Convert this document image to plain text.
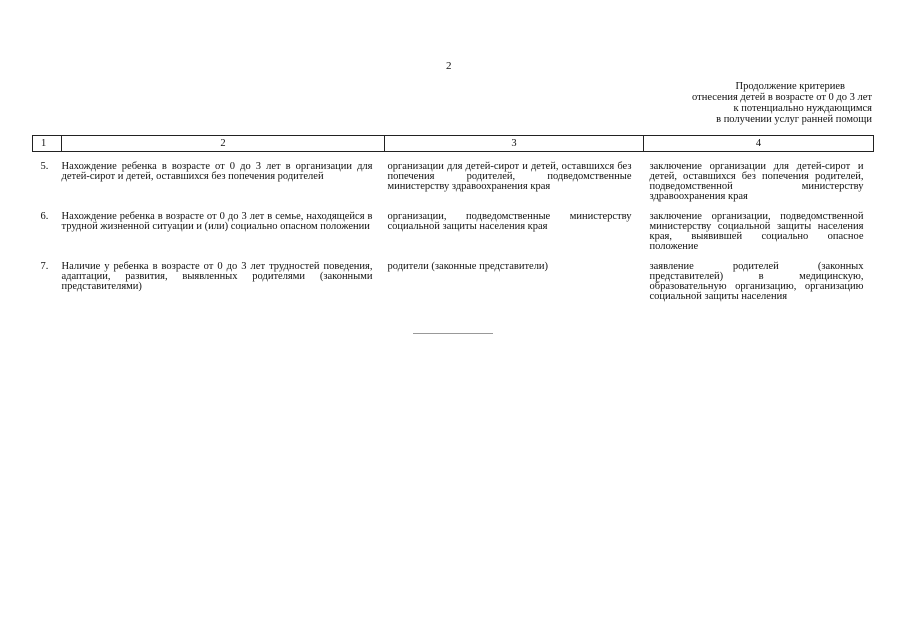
2
Продолжение критериев
отнесения детей в возрасте от 0 до 3 лет
к потенциально нуждающимся
в получении услуг ранней помощи
1	2	3	4
5.	Нахождение ребенка в возрасте от 0 до 3 лет в организации для детей-сирот и детей, оставшихся без попечения родителей	организации для детей-сирот и детей, оставшихся без попечения родителей, подведомственные министерству здравоохранения края	заключение организации для детей-сирот и детей, оставшихся без попечения родителей, подведомственной министерству здравоохранения края
6.	Нахождение ребенка в возрасте от 0 до 3 лет в семье, находящейся в трудной жизненной ситуации и (или) социально опасном положении	организации, подведомственные министерству социальной защиты населения края	заключение организации, подведомственной министерству социальной защиты населения края, выявившей социально опасное положение
7.	Наличие у ребенка в возрасте от 0 до 3 лет трудностей поведения, адаптации, развития, выявленных родителями (законными представителями)	родители (законные представители)	заявление родителей (законных представителей) в медицинскую, образовательную организацию, организацию социальной защиты населения
